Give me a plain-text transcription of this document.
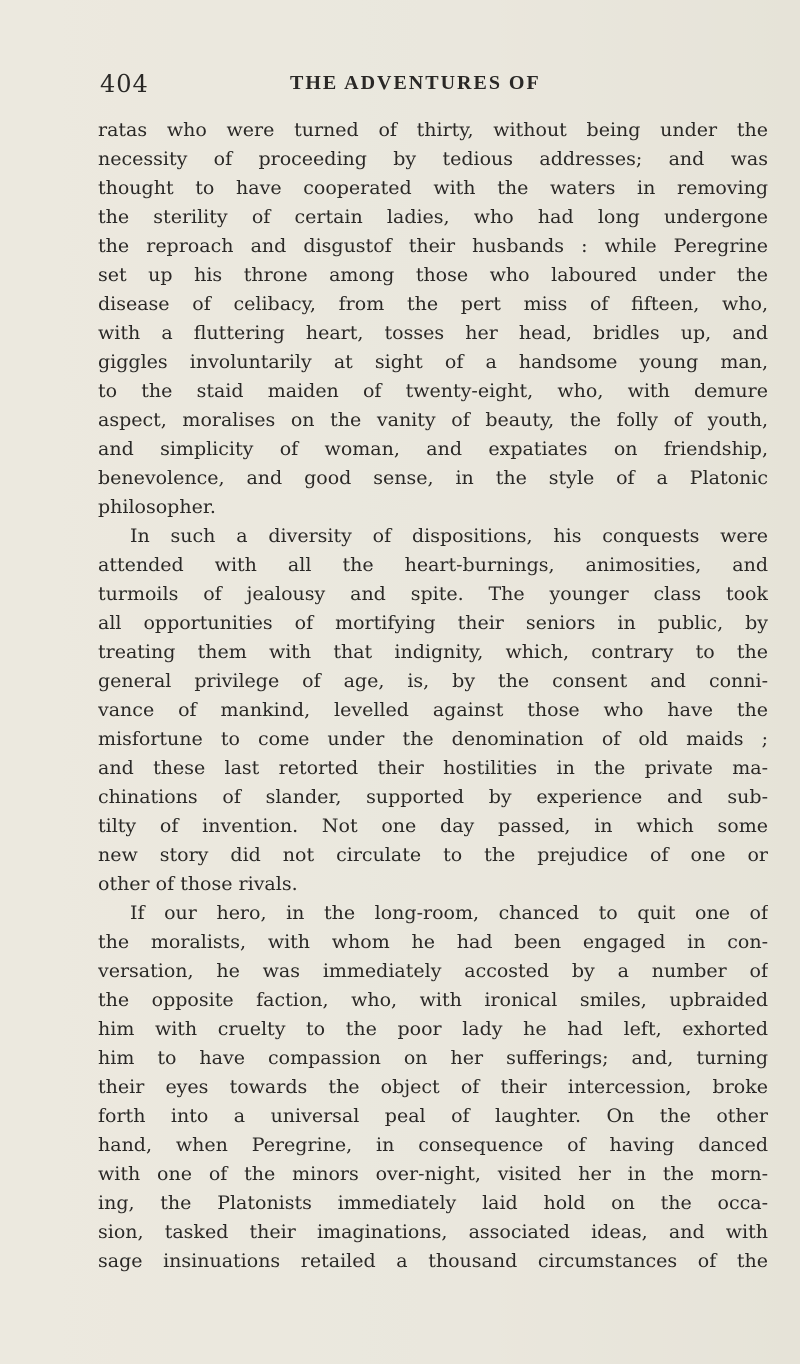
404	THE ADVENTURES OF
ratas who were turned of thirty, without being under the
necessity of proceeding by tedious addresses; and was
thought to have cooperated with the waters in removing
the sterility of certain ladies, who had long undergone
the reproach and disgustof their husbands : while Peregrine
set up his throne among those who laboured under the
disease of celibacy, from the pert miss of fifteen, who,
with a fluttering heart, tosses her head, bridles up, and
giggles involuntarily at sight of a handsome young man,
to the staid maiden of twenty-eight, who, with demure
aspect, moralises on the vanity of beauty, the folly of youth,
and simplicity of woman, and expatiates on friendship,
benevolence, and good sense, in the style of a Platonic
philosopher.
In such a diversity of dispositions, his conquests were
attended with all the heart-burnings, animosities, and
turmoils of jealousy and spite. The younger class took
all opportunities of mortifying their seniors in public, by
treating them with that indignity, which, contrary to the
general privilege of age, is, by the consent and conni-
vance of mankind, levelled against those who have the
misfortune to come under the denomination of old maids ;
and these last retorted their hostilities in the private ma-
chinations of slander, supported by experience and sub-
tilty of invention. Not one day passed, in which some
new story did not circulate to the prejudice of one or
other of those rivals.
If our hero, in the long-room, chanced to quit one of
the moralists, with whom he had been engaged in con-
versation, he was immediately accosted by a number of
the opposite faction, who, with ironical smiles, upbraided
him with cruelty to the poor lady he had left, exhorted
him to have compassion on her sufferings; and, turning
their eyes towards the object of their intercession, broke
forth into a universal peal of laughter. On the other
hand, when Peregrine, in consequence of having danced
with one of the minors over-night, visited her in the morn-
ing, the Platonists immediately laid hold on the occa-
sion, tasked their imaginations, associated ideas, and with
sage insinuations retailed a thousand circumstances of the
